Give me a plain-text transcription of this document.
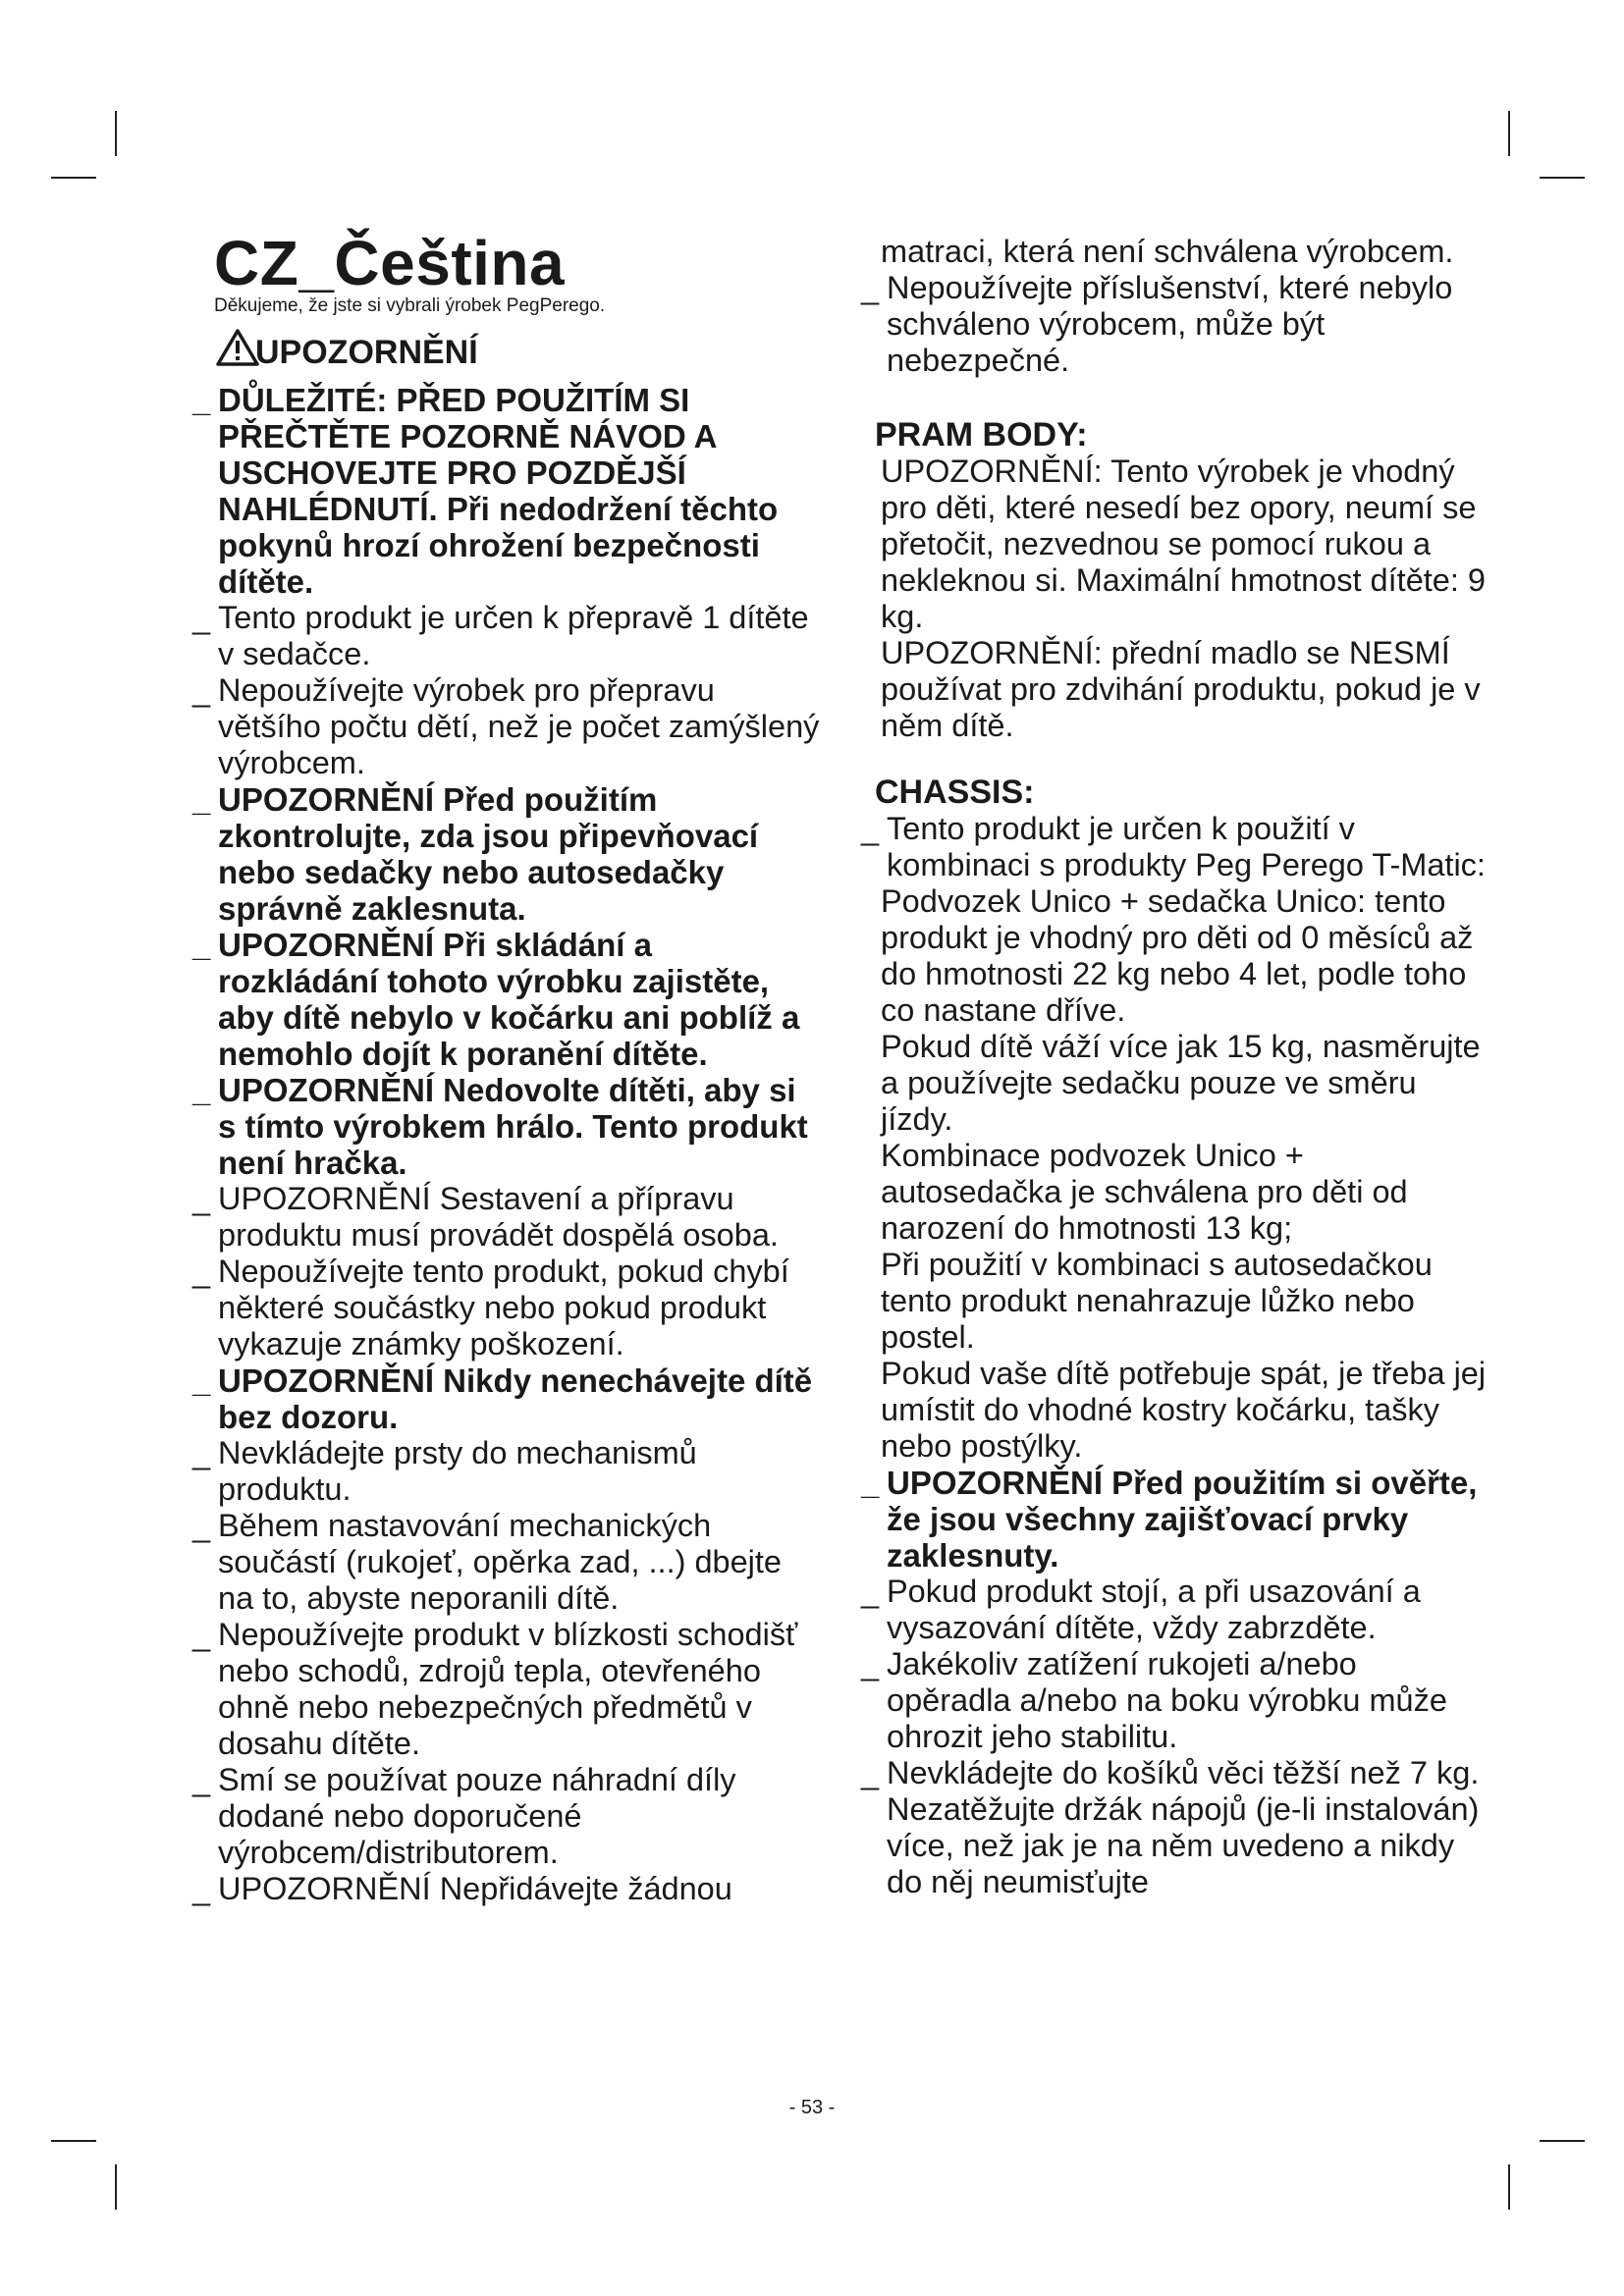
CZ_Čeština
Děkujeme, že jste si vybrali ýrobek PegPerego.
UPOZORNĚNÍ
_ DŮLEŽITÉ: PŘED POUŽITÍM SI PŘEČTĚTE POZORNĚ NÁVOD A USCHOVEJTE PRO POZDĚJŠÍ NAHLÉDNUTÍ. Při nedodržení těchto pokynů hrozí ohrožení bezpečnosti dítěte.
_ Tento produkt je určen k přepravě 1 dítěte v sedačce.
_ Nepoužívejte výrobek pro přepravu většího počtu dětí, než je počet zamýšlený výrobcem.
_ UPOZORNĚNÍ Před použitím zkontrolujte, zda jsou připevňovací nebo sedačky nebo autosedačky správně zaklesnuta.
_ UPOZORNĚNÍ Při skládání a rozkládání tohoto výrobku zajistěte, aby dítě nebylo v kočárku ani poblíž a nemohlo dojít k poranění dítěte.
_ UPOZORNĚNÍ Nedovolte dítěti, aby si s tímto výrobkem hrálo. Tento produkt není hračka.
_ UPOZORNĚNÍ Sestavení a přípravu produktu musí provádět dospělá osoba.
_ Nepoužívejte tento produkt, pokud chybí některé součástky nebo pokud produkt vykazuje známky poškození.
_ UPOZORNĚNÍ Nikdy nenechávejte dítě bez dozoru.
_ Nevkládejte prsty do mechanismů produktu.
_ Během nastavování mechanických součástí (rukojeť, opěrka zad, ...) dbejte na to, abyste neporanili dítě.
_ Nepoužívejte produkt v blízkosti schodišť nebo schodů, zdrojů tepla, otevřeného ohně nebo nebezpečných předmětů v dosahu dítěte.
_ Smí se používat pouze náhradní díly dodané nebo doporučené výrobcem/distributorem.
_ UPOZORNĚNÍ Nepřidávejte žádnou
matraci, která není schválena výrobcem.
_ Nepoužívejte příslušenství, které nebylo schváleno výrobcem, může být nebezpečné.
PRAM BODY:
UPOZORNĚNÍ: Tento výrobek je vhodný pro děti, které nesedí bez opory, neumí se přetočit, nezvednou se pomocí rukou a nekleknou si. Maximální hmotnost dítěte: 9 kg.
UPOZORNĚNÍ: přední madlo se NESMÍ používat pro zdvihání produktu, pokud je v něm dítě.
CHASSIS:
_ Tento produkt je určen k použití v kombinaci s produkty Peg Perego T-Matic:
Podvozek Unico + sedačka Unico: tento produkt je vhodný pro děti od 0 měsíců až do hmotnosti 22 kg nebo 4 let, podle toho co nastane dříve.
Pokud dítě váží více jak 15 kg, nasměrujte a používejte sedačku pouze ve směru jízdy.
Kombinace podvozek Unico + autosedačka je schválena pro děti od narození do hmotnosti 13 kg;
Při použití v kombinaci s autosedačkou tento produkt nenahrazuje lůžko nebo postel.
Pokud vaše dítě potřebuje spát, je třeba jej umístit do vhodné kostry kočárku, tašky nebo postýlky.
_ UPOZORNĚNÍ Před použitím si ověřte, že jsou všechny zajišťovací prvky zaklesnuty.
_ Pokud produkt stojí, a při usazování a vysazování dítěte, vždy zabrzděte.
_ Jakékoliv zatížení rukojeti a/nebo opěradla a/nebo na boku výrobku může ohrozit jeho stabilitu.
_ Nevkládejte do košíků věci těžší než 7 kg. Nezatěžujte držák nápojů (je-li instalován) více, než jak je na něm uvedeno a nikdy do něj neumisťujte
- 53 -
